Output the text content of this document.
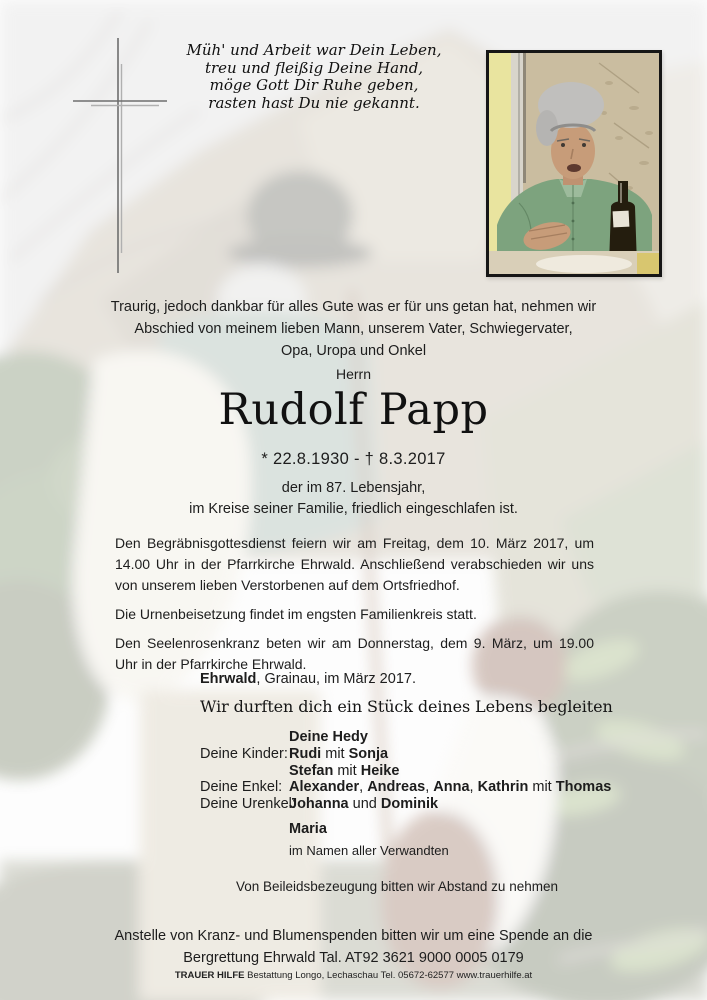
Müh' und Arbeit war Dein Leben,
treu und fleißig Deine Hand,
möge Gott Dir Ruhe geben,
rasten hast Du nie gekannt.
Traurig, jedoch dankbar für alles Gute was er für uns getan hat, nehmen wir
Abschied von meinem lieben Mann, unserem Vater, Schwiegervater,
Opa, Uropa und Onkel
Herrn
Rudolf Papp
* 22.8.1930 - † 8.3.2017
der im 87. Lebensjahr,
im Kreise seiner Familie, friedlich eingeschlafen ist.

Den Begräbnisgottesdienst feiern wir am Freitag, dem 10. März 2017, um 14.00 Uhr in der Pfarrkirche Ehrwald. Anschließend verabschieden wir uns von unserem lieben Verstorbenen auf dem Ortsfriedhof.

Die Urnenbeisetzung findet im engsten Familienkreis statt.

Den Seelenrosenkranz beten wir am Donnerstag, dem 9. März, um 19.00 Uhr in der Pfarrkirche Ehrwald.

Ehrwald, Grainau, im März 2017.
Wir durften dich ein Stück deines Lebens begleiten
Deine Hedy
Deine Kinder: Rudi mit Sonja
Stefan mit Heike
Deine Enkel: Alexander, Andreas, Anna, Kathrin mit Thomas
Deine Urenkel:
Johanna und Dominik
Maria
im Namen aller Verwandten
Von Beileidsbezeugung bitten wir Abstand zu nehmen
Anstelle von Kranz- und Blumenspenden bitten wir um eine Spende an die
Bergrettung Ehrwald Tal. AT92 3621 9000 0005 0179
TRAUER HILFE Bestattung Longo, Lechaschau Tel. 05672-62577 www.trauerhilfe.at
